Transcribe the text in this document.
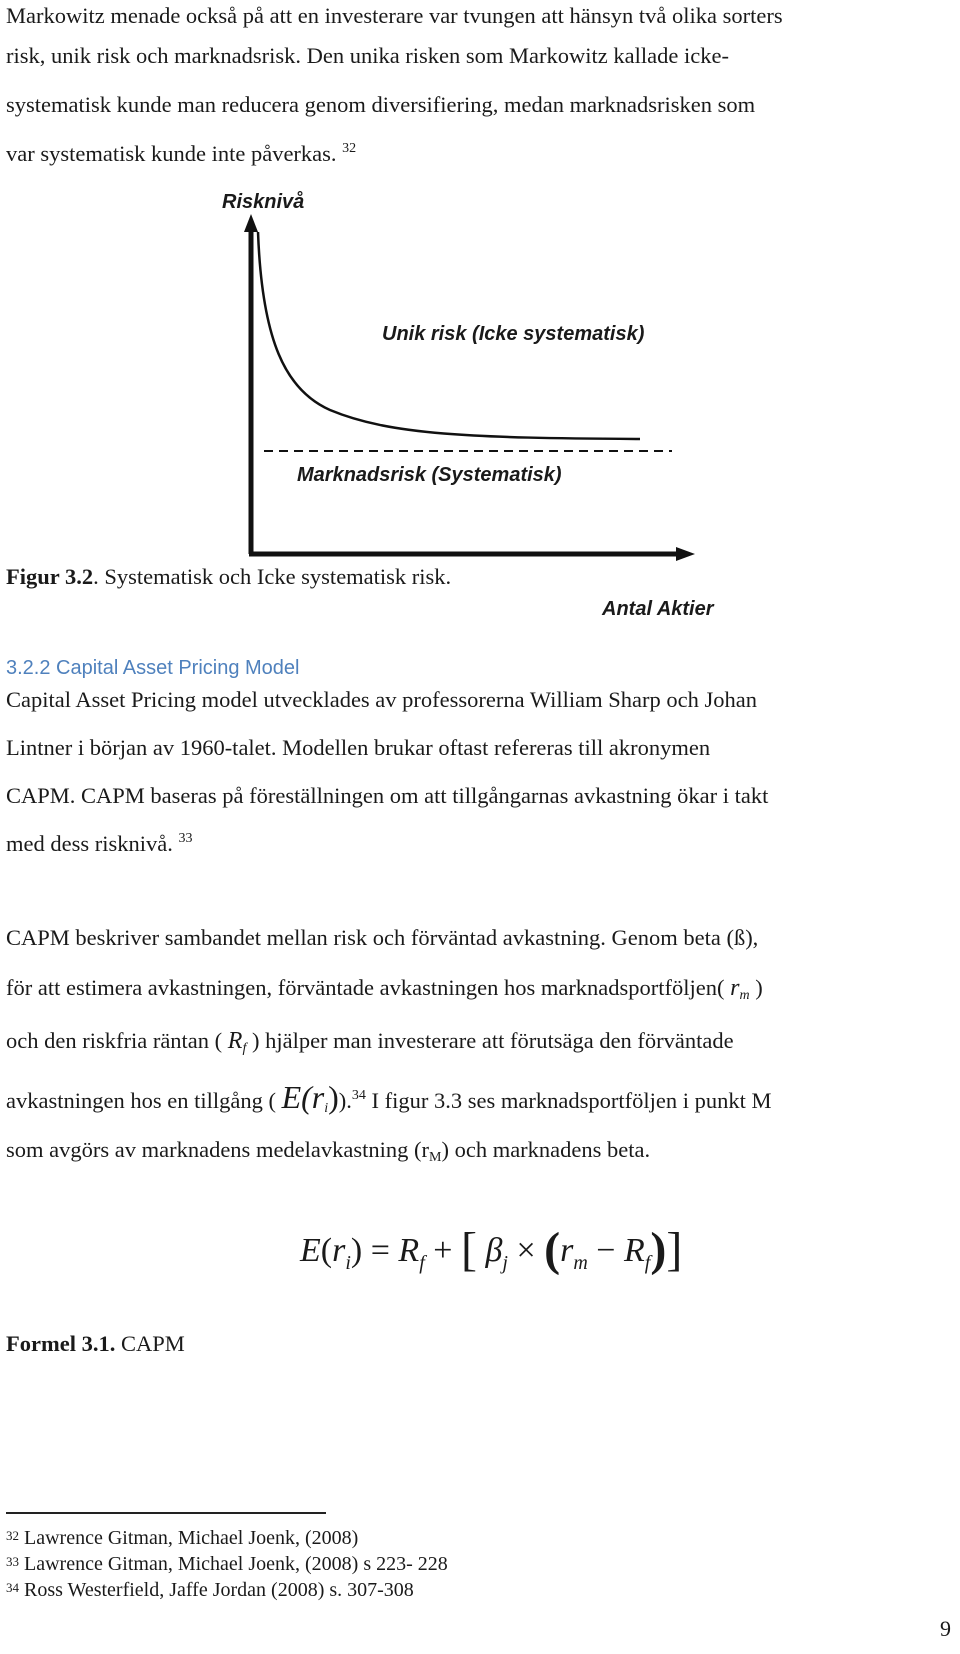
Markowitz menade också på att en investerare var tvungen att hänsyn två olika sorters
risk, unik risk och marknadsrisk. Den unika risken som Markowitz kallade icke-
systematisk kunde man reducera genom diversifiering, medan marknadsrisken som
var systematisk kunde inte påverkas. $^{32}$
Risknivå
Unik risk (Icke systematisk)
Marknadsrisk (Systematisk)
Antal Aktier
Figur 3.2. Systematisk och Icke systematisk risk.
3.2.2 Capital Asset Pricing Model
Capital Asset Pricing model utvecklades av professorerna William Sharp och Johan
Lintner i början av 1960-talet. Modellen brukar oftast refereras till akronymen
CAPM. CAPM baseras på föreställningen om att tillgångarnas avkastning ökar i takt
med dess risknivå. $^{33}$
CAPM beskriver sambandet mellan risk och förväntad avkastning. Genom beta (ß),
för att estimera avkastningen, förväntade avkastningen hos marknadsportföljen( $r_m$ )
och den riskfria räntan ( $R_f$ ) hjälper man investerare att förutsäga den förväntade
avkastningen hos en tillgång ( $E(r_i)).^{34}$ I figur 3.3 ses marknadsportföljen i punkt M
som avgörs av marknadens medelavkastning $(r_M)$ och marknadens beta.
$E(r_i) = R_f$ + [ $\beta_j \times (r_m - R_f)$]
Formel 3.1. CAPM
$^{32}$ Lawrence Gitman, Michael Joenk, (2008)
$^{33}$ Lawrence Gitman, Michael Joenk, (2008) s 223- 228
$^{34}$ Ross Westerfield, Jaffe Jordan (2008) s. 307-308
9
